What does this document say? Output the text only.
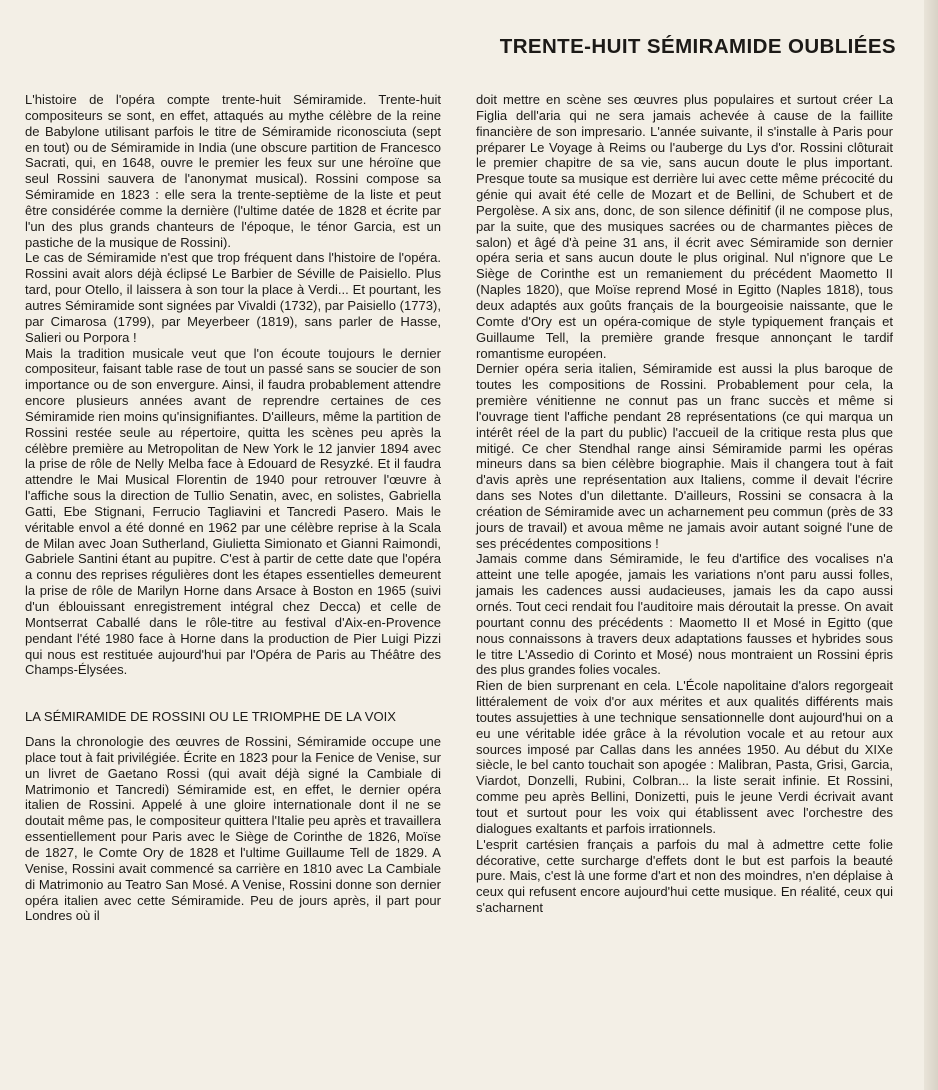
TRENTE-HUIT SÉMIRAMIDE OUBLIÉES

L'histoire de l'opéra compte trente-huit Sémiramide. Trente-huit compositeurs se sont, en effet, attaqués au mythe célèbre de la reine de Babylone utilisant parfois le titre de Sémiramide riconosciuta (sept en tout) ou de Sémiramide in India (une obscure partition de Francesco Sacrati, qui, en 1648, ouvre le premier les feux sur une héroïne que seul Rossini sauvera de l'anonymat musical). Rossini compose sa Sémiramide en 1823 : elle sera la trente-septième de la liste et peut être considérée comme la dernière (l'ultime datée de 1828 et écrite par l'un des plus grands chanteurs de l'époque, le ténor Garcia, est un pastiche de la musique de Rossini).

Le cas de Sémiramide n'est que trop fréquent dans l'histoire de l'opéra. Rossini avait alors déjà éclipsé Le Barbier de Séville de Paisiello. Plus tard, pour Otello, il laissera à son tour la place à Verdi... Et pourtant, les autres Sémiramide sont signées par Vivaldi (1732), par Paisiello (1773), par Cimarosa (1799), par Meyerbeer (1819), sans parler de Hasse, Salieri ou Porpora !

Mais la tradition musicale veut que l'on écoute toujours le dernier compositeur, faisant table rase de tout un passé sans se soucier de son importance ou de son envergure. Ainsi, il faudra probablement attendre encore plusieurs années avant de reprendre certaines de ces Sémiramide rien moins qu'insignifiantes. D'ailleurs, même la partition de Rossini restée seule au répertoire, quitta les scènes peu après la célèbre première au Metropolitan de New York le 12 janvier 1894 avec la prise de rôle de Nelly Melba face à Edouard de Resyzké. Et il faudra attendre le Mai Musical Florentin de 1940 pour retrouver l'œuvre à l'affiche sous la direction de Tullio Senatin, avec, en solistes, Gabriella Gatti, Ebe Stignani, Ferrucio Tagliavini et Tancredi Pasero. Mais le véritable envol a été donné en 1962 par une célèbre reprise à la Scala de Milan avec Joan Sutherland, Giulietta Simionato et Gianni Raimondi, Gabriele Santini étant au pupitre. C'est à partir de cette date que l'opéra a connu des reprises régulières dont les étapes essentielles demeurent la prise de rôle de Marilyn Horne dans Arsace à Boston en 1965 (suivi d'un éblouissant enregistrement intégral chez Decca) et celle de Montserrat Caballé dans le rôle-titre au festival d'Aix-en-Provence pendant l'été 1980 face à Horne dans la production de Pier Luigi Pizzi qui nous est restituée aujourd'hui par l'Opéra de Paris au Théâtre des Champs-Élysées.

LA SÉMIRAMIDE DE ROSSINI OU LE TRIOMPHE DE LA VOIX

Dans la chronologie des œuvres de Rossini, Sémiramide occupe une place tout à fait privilégiée. Écrite en 1823 pour la Fenice de Venise, sur un livret de Gaetano Rossi (qui avait déjà signé la Cambiale di Matrimonio et Tancredi) Sémiramide est, en effet, le dernier opéra italien de Rossini. Appelé à une gloire internationale dont il ne se doutait même pas, le compositeur quittera l'Italie peu après et travaillera essentiellement pour Paris avec le Siège de Corinthe de 1826, Moïse de 1827, le Comte Ory de 1828 et l'ultime Guillaume Tell de 1829. A Venise, Rossini avait commencé sa carrière en 1810 avec La Cambiale di Matrimonio au Teatro San Mosé. A Venise, Rossini donne son dernier opéra italien avec cette Sémiramide. Peu de jours après, il part pour Londres où il

doit mettre en scène ses œuvres plus populaires et surtout créer La Figlia dell'aria qui ne sera jamais achevée à cause de la faillite financière de son impresario. L'année suivante, il s'installe à Paris pour préparer Le Voyage à Reims ou l'auberge du Lys d'or. Rossini clôturait le premier chapitre de sa vie, sans aucun doute le plus important. Presque toute sa musique est derrière lui avec cette même précocité du génie qui avait été celle de Mozart et de Bellini, de Schubert et de Pergolèse. A six ans, donc, de son silence définitif (il ne compose plus, par la suite, que des musiques sacrées ou de charmantes pièces de salon) et âgé d'à peine 31 ans, il écrit avec Sémiramide son dernier opéra seria et sans aucun doute le plus original. Nul n'ignore que Le Siège de Corinthe est un remaniement du précédent Maometto II (Naples 1820), que Moïse reprend Mosé in Egitto (Naples 1818), tous deux adaptés aux goûts français de la bourgeoisie naissante, que le Comte d'Ory est un opéra-comique de style typiquement français et Guillaume Tell, la première grande fresque annonçant le tardif romantisme européen.

Dernier opéra seria italien, Sémiramide est aussi la plus baroque de toutes les compositions de Rossini. Probablement pour cela, la première vénitienne ne connut pas un franc succès et même si l'ouvrage tient l'affiche pendant 28 représentations (ce qui marqua un intérêt réel de la part du public) l'accueil de la critique resta plus que mitigé. Ce cher Stendhal range ainsi Sémiramide parmi les opéras mineurs dans sa bien célèbre biographie. Mais il changera tout à fait d'avis après une représentation aux Italiens, comme il devait l'écrire dans ses Notes d'un dilettante. D'ailleurs, Rossini se consacra à la création de Sémiramide avec un acharnement peu commun (près de 33 jours de travail) et avoua même ne jamais avoir autant soigné l'une de ses précédentes compositions !

Jamais comme dans Sémiramide, le feu d'artifice des vocalises n'a atteint une telle apogée, jamais les variations n'ont paru aussi folles, jamais les cadences aussi audacieuses, jamais les da capo aussi ornés. Tout ceci rendait fou l'auditoire mais déroutait la presse. On avait pourtant connu des précédents : Maometto II et Mosé in Egitto (que nous connaissons à travers deux adaptations fausses et hybrides sous le titre L'Assedio di Corinto et Mosé) nous montraient un Rossini épris des plus grandes folies vocales.

Rien de bien surprenant en cela. L'École napolitaine d'alors regorgeait littéralement de voix d'or aux mérites et aux qualités différents mais toutes assujetties à une technique sensationnelle dont aujourd'hui on a eu une véritable idée grâce à la révolution vocale et au retour aux sources imposé par Callas dans les années 1950. Au début du XIXe siècle, le bel canto touchait son apogée : Malibran, Pasta, Grisi, Garcia, Viardot, Donzelli, Rubini, Colbran... la liste serait infinie. Et Rossini, comme peu après Bellini, Donizetti, puis le jeune Verdi écrivait avant tout et surtout pour les voix qui établissent avec l'orchestre des dialogues exaltants et parfois irrationnels.

L'esprit cartésien français a parfois du mal à admettre cette folie décorative, cette surcharge d'effets dont le but est parfois la beauté pure. Mais, c'est là une forme d'art et non des moindres, n'en déplaise à ceux qui refusent encore aujourd'hui cette musique. En réalité, ceux qui s'acharnent
